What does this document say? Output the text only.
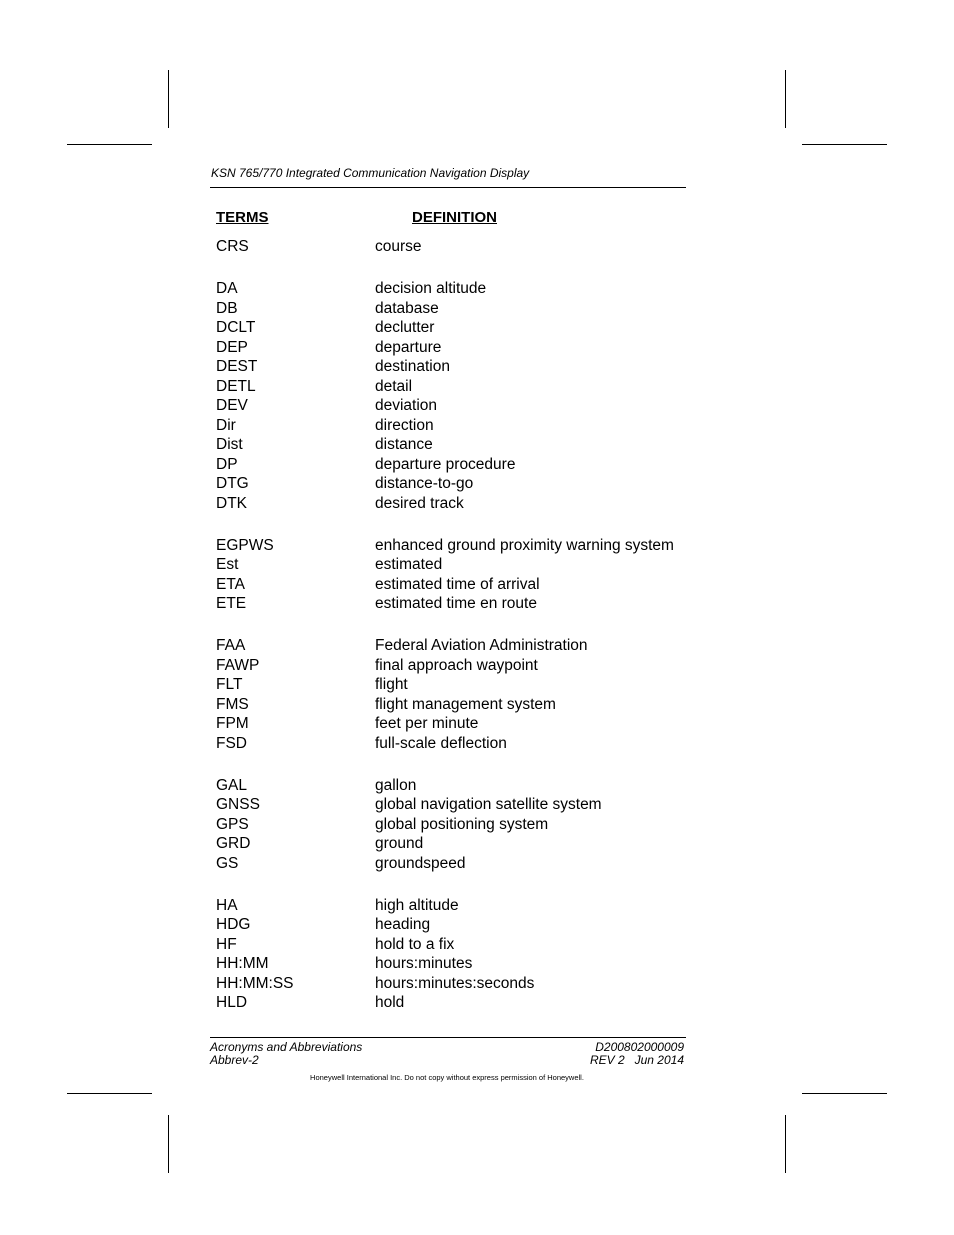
KSN 765/770 Integrated Communication Navigation Display
TERMS	DEFINITION
CRS	course
DA	decision altitude
DB	database
DCLT	declutter
DEP	departure
DEST	destination
DETL	detail
DEV	deviation
Dir	direction
Dist	distance
DP	departure procedure
DTG	distance-to-go
DTK	desired track
EGPWS	enhanced ground proximity warning system
Est	estimated
ETA	estimated time of arrival
ETE	estimated time en route
FAA	Federal Aviation Administration
FAWP	final approach waypoint
FLT	flight
FMS	flight management system
FPM	feet per minute
FSD	full-scale deflection
GAL	gallon
GNSS	global navigation satellite system
GPS	global positioning system
GRD	ground
GS	groundspeed
HA	high altitude
HDG	heading
HF	hold to a fix
HH:MM	hours:minutes
HH:MM:SS	hours:minutes:seconds
HLD	hold
Acronyms and Abbreviations
Abbrev-2
D200802000009
REV 2   Jun 2014
Honeywell International Inc. Do not copy without express permission of Honeywell.
